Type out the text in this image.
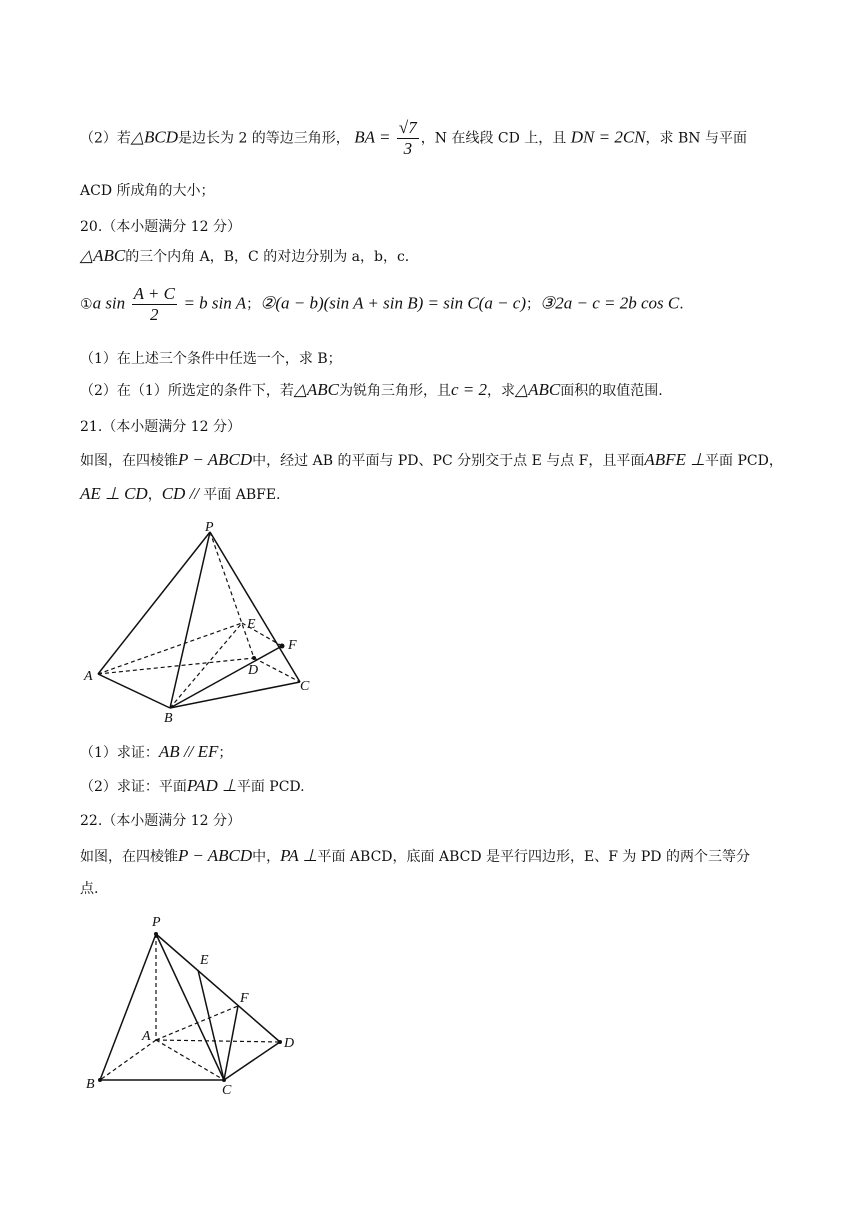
（2）若△BCD是边长为 2 的等边三角形， BA = $\frac{√7}{3}$ ，N 在线段 CD 上，且 DN = 2CN，求 BN 与平面
ACD 所成角的大小；
20.（本小题满分 12 分）
△ABC的三个内角 A，B，C 的对边分别为 a，b，c.
①a $\sin \frac{A + C}{2} = b$ sin A；②(a − b)(sin A + sin B) = sin C(a − c)；③2a − c = 2b cos C.
（1）在上述三个条件中任选一个，求 B；
（2）在（1）所选定的条件下，若△ABC为锐角三角形，且c = 2，求△ABC面积的取值范围.
21.（本小题满分 12 分）
如图，在四棱锥P − ABCD中，经过 AB 的平面与 PD、PC 分别交于点 E 与点 F，且平面ABFE ⊥平面 PCD，
AE ⊥ CD，CD // 平面 ABFE.
P
A
B
C
D
E
F
（1）求证：AB // EF；
（2）求证：平面PAD ⊥平面 PCD.
22.（本小题满分 12 分）
如图，在四棱锥P − ABCD中，PA ⊥平面 ABCD，底面 ABCD 是平行四边形，E、F 为 PD 的两个三等分
点.
P
E
F
A	D
B	C
